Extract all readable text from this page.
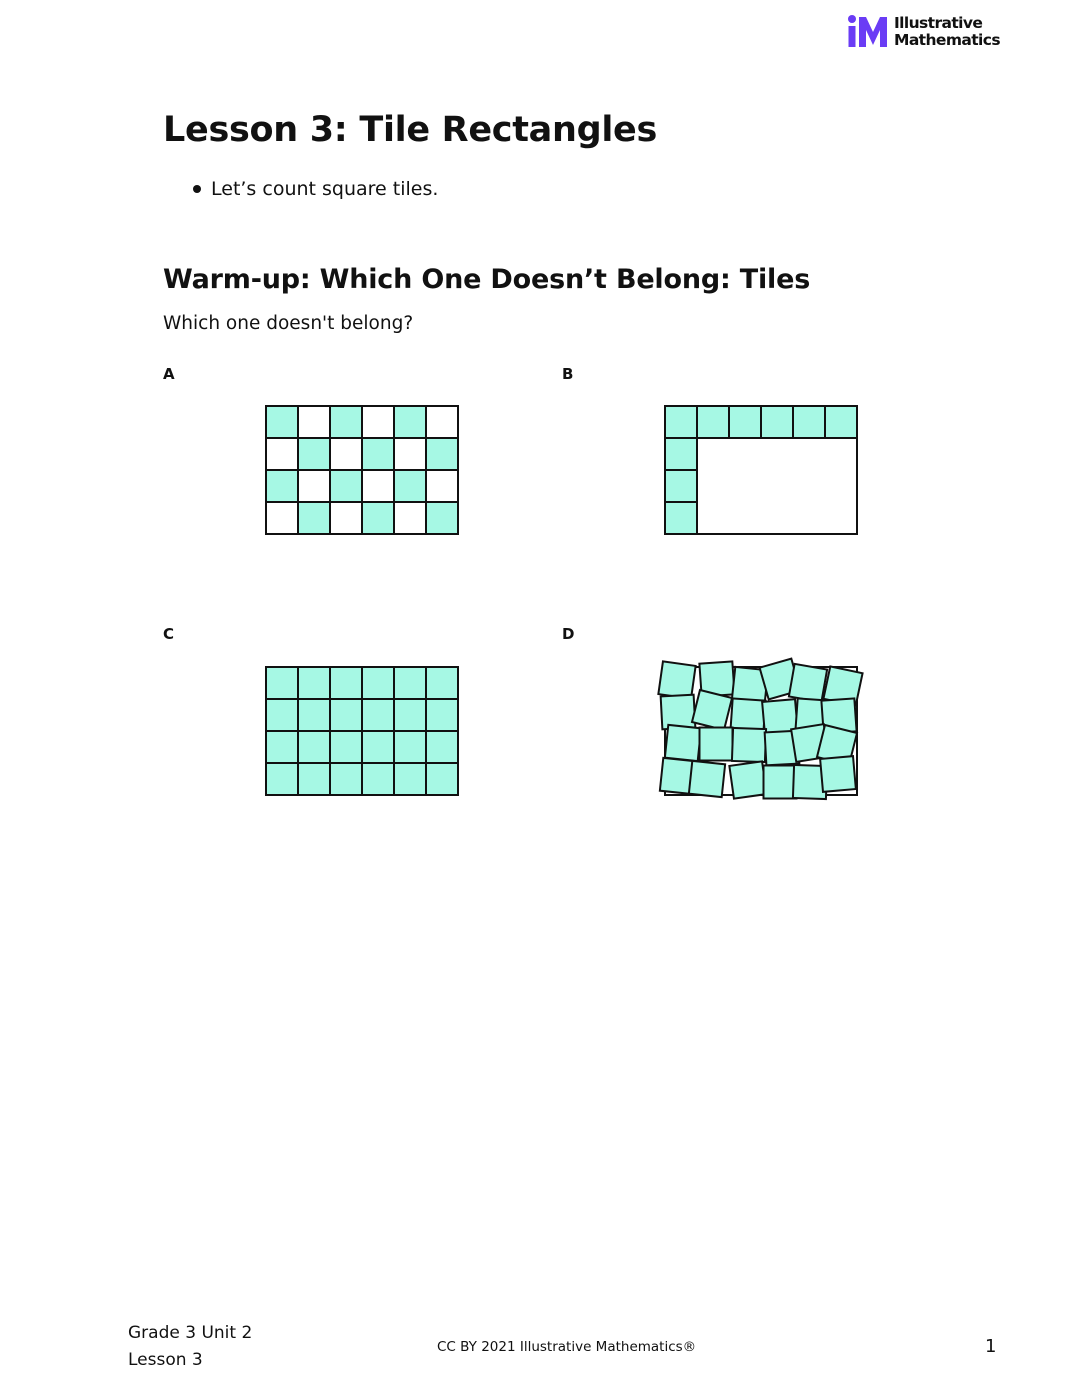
Illustrative
Mathematics
Lesson 3: Tile Rectangles
Let’s count square tiles.
Warm-up: Which One Doesn’t Belong: Tiles

Which one doesn't belong?

A	B
C	D
Grade 3 Unit 2
Lesson 3
CC BY 2021 Illustrative Mathematics®	1
